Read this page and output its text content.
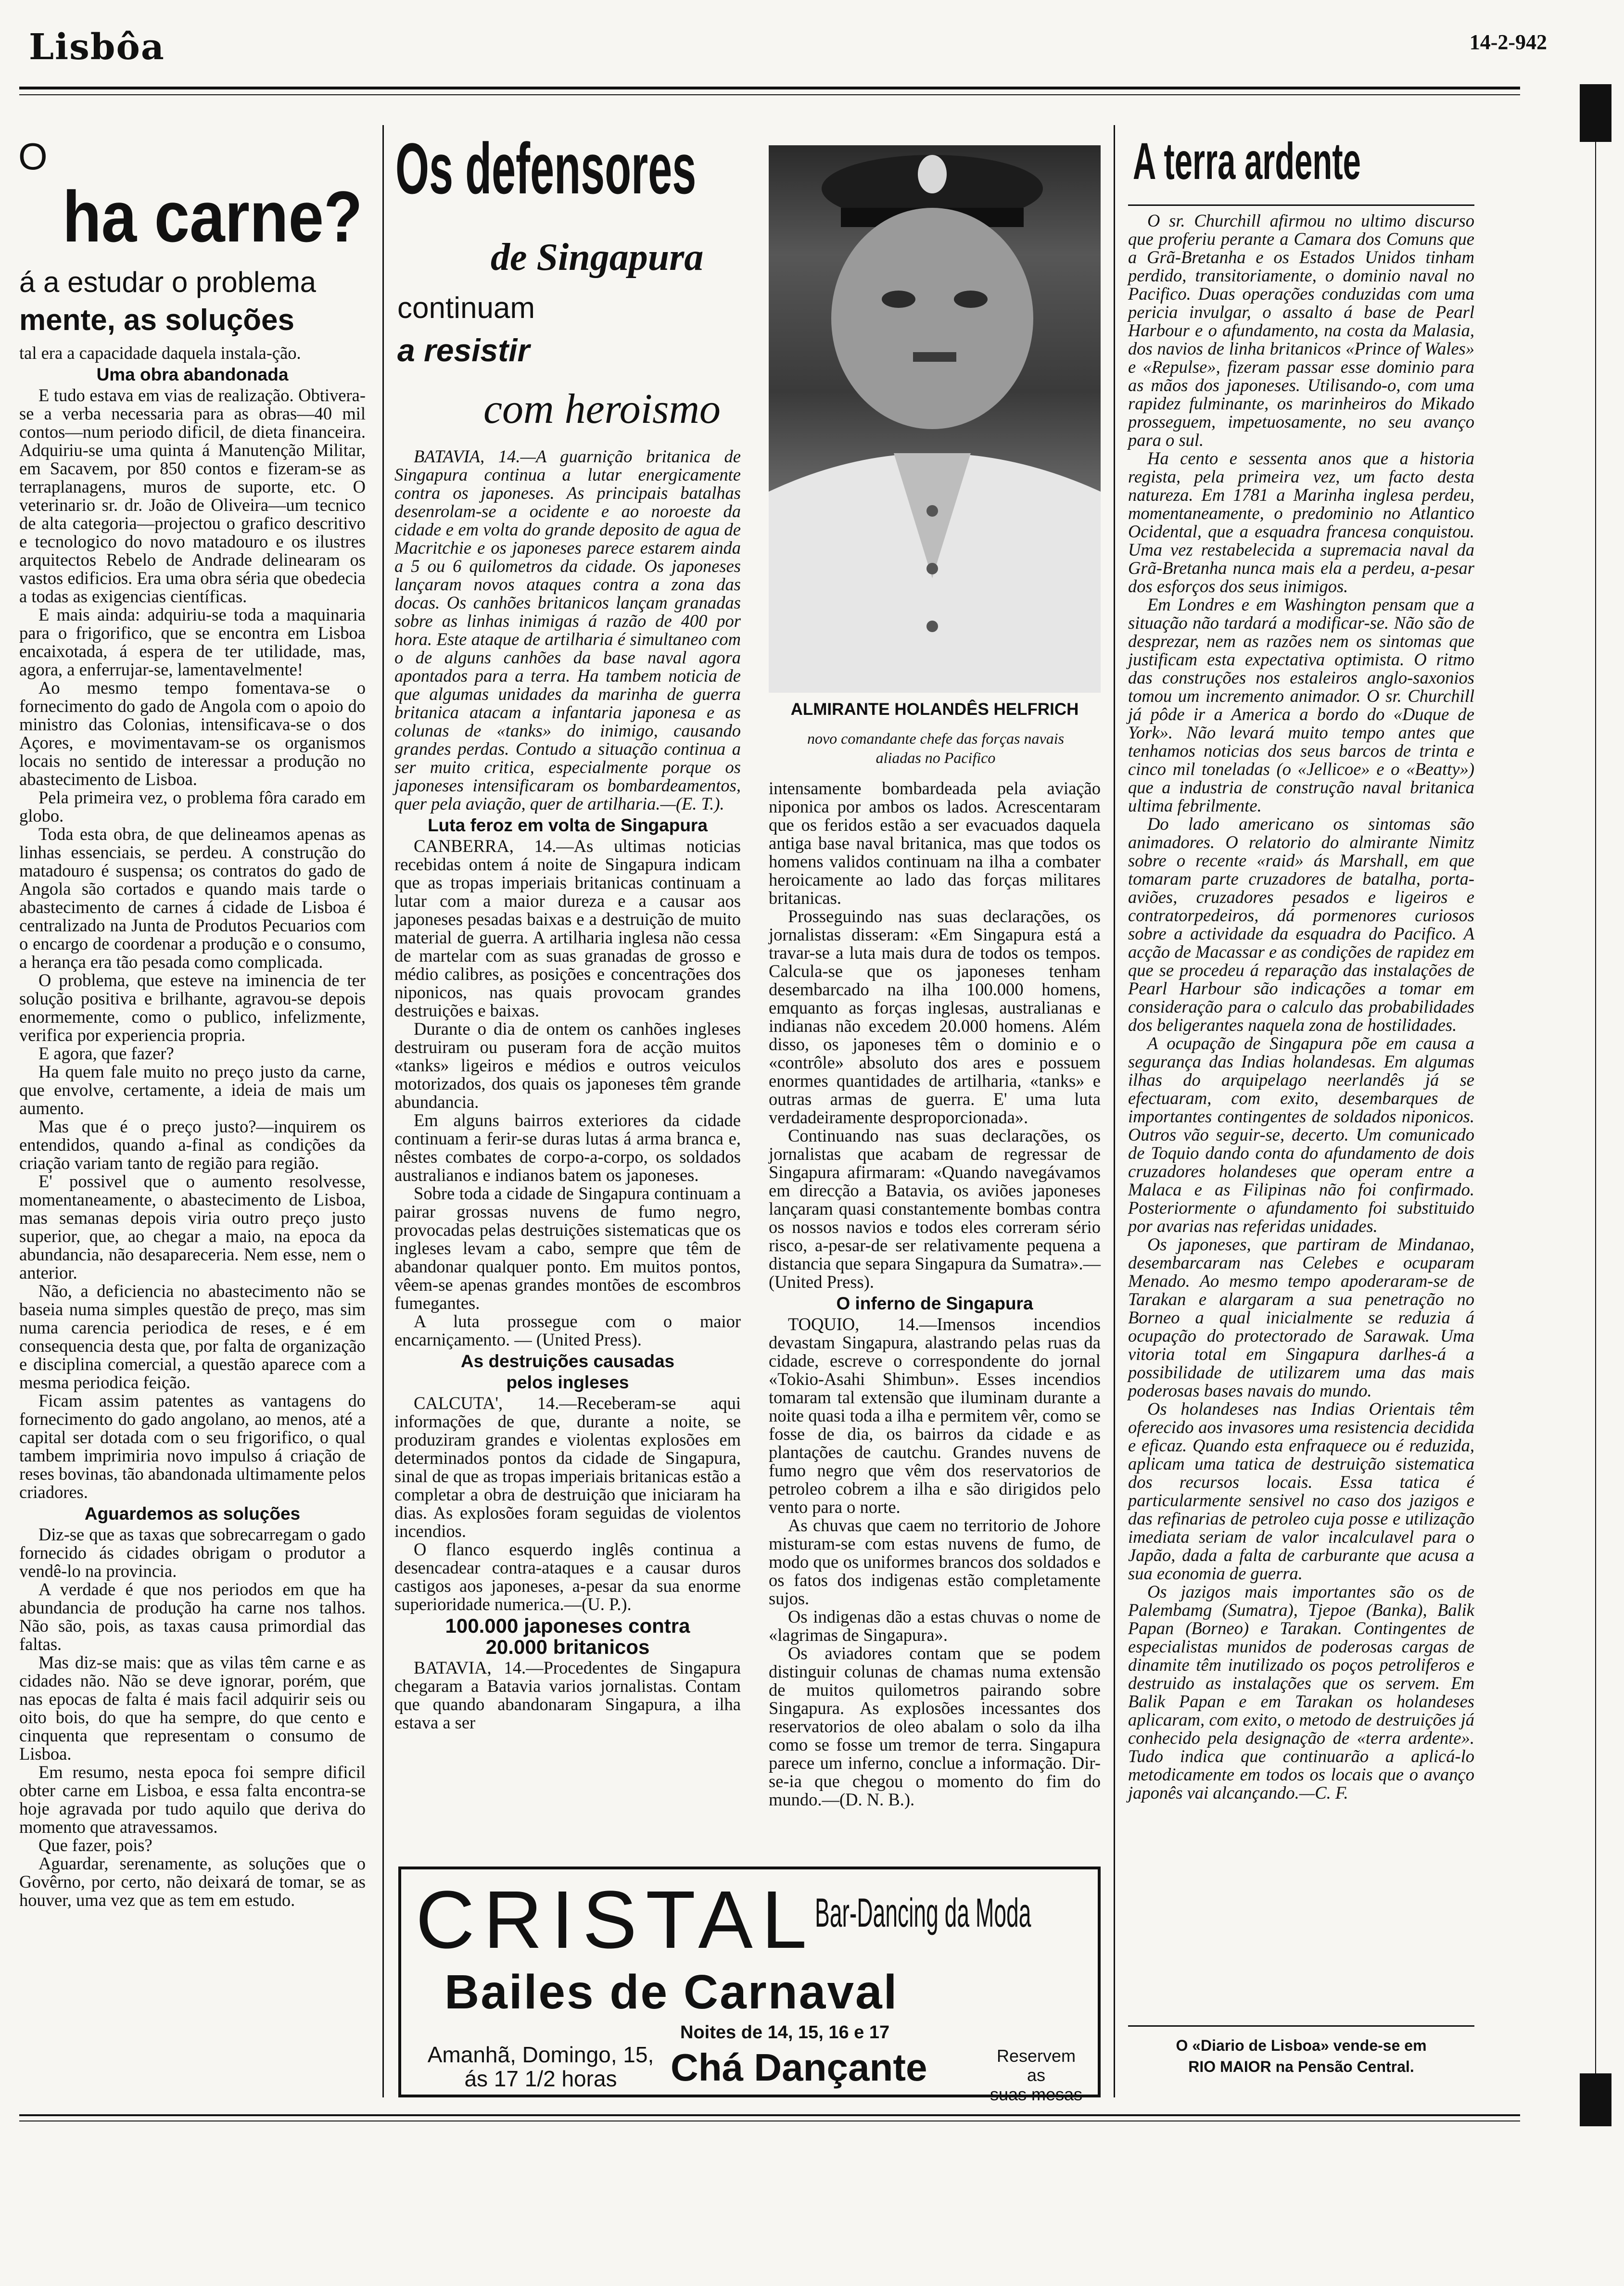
Lisbôa	14-2-942
O
ha carne?
á a estudar o problema
mente, as soluções

tal era a capacidade daquela instala-ção.

Uma obra abandonada

E tudo estava em vias de realização. Obtivera-se a verba necessaria para as obras—40 mil contos—num periodo dificil, de dieta financeira. Adquiriu-se uma quinta á Manutenção Militar, em Sacavem, por 850 contos e fizeram-se as terraplanagens, muros de suporte, etc. O veterinario sr. dr. João de Oliveira—um tecnico de alta categoria—projectou o grafico descritivo e tecnologico do novo matadouro e os ilustres arquitectos Rebelo de Andrade delinearam os vastos edificios. Era uma obra séria que obedecia a todas as exigencias científicas.

E mais ainda: adquiriu-se toda a maquinaria para o frigorifico, que se encontra em Lisboa encaixotada, á espera de ter utilidade, mas, agora, a enferrujar-se, lamentavelmente!

Ao mesmo tempo fomentava-se o fornecimento do gado de Angola com o apoio do ministro das Colonias, intensificava-se o dos Açores, e movimentavam-se os organismos locais no sentido de interessar a produção no abastecimento de Lisboa.

Pela primeira vez, o problema fôra carado em globo.

Toda esta obra, de que delineamos apenas as linhas essenciais, se perdeu. A construção do matadouro é suspensa; os contratos do gado de Angola são cortados e quando mais tarde o abastecimento de carnes á cidade de Lisboa é centralizado na Junta de Produtos Pecuarios com o encargo de coordenar a produção e o consumo, a herança era tão pesada como complicada.

O problema, que esteve na iminencia de ter solução positiva e brilhante, agravou-se depois enormemente, como o publico, infelizmente, verifica por experiencia propria.

E agora, que fazer?

Ha quem fale muito no preço justo da carne, que envolve, certamente, a ideia de mais um aumento.

Mas que é o preço justo?—inquirem os entendidos, quando a-final as condições da criação variam tanto de região para região.

E' possivel que o aumento resolvesse, momentaneamente, o abastecimento de Lisboa, mas semanas depois viria outro preço justo superior, que, ao chegar a maio, na epoca da abundancia, não desapareceria. Nem esse, nem o anterior.

Não, a deficiencia no abastecimento não se baseia numa simples questão de preço, mas sim numa carencia periodica de reses, e é em consequencia desta que, por falta de organização e disciplina comercial, a questão aparece com a mesma periodica feição.

Ficam assim patentes as vantagens do fornecimento do gado angolano, ao menos, até a capital ser dotada com o seu frigorifico, o qual tambem imprimiria novo impulso á criação de reses bovinas, tão abandonada ultimamente pelos criadores.

Aguardemos as soluções

Diz-se que as taxas que sobrecarregam o gado fornecido ás cidades obrigam o produtor a vendê-lo na provincia.

A verdade é que nos periodos em que ha abundancia de produção ha carne nos talhos. Não são, pois, as taxas causa primordial das faltas.

Mas diz-se mais: que as vilas têm carne e as cidades não. Não se deve ignorar, porém, que nas epocas de falta é mais facil adquirir seis ou oito bois, do que ha sempre, do que cento e cinquenta que representam o consumo de Lisboa.

Em resumo, nesta epoca foi sempre dificil obter carne em Lisboa, e essa falta encontra-se hoje agravada por tudo aquilo que deriva do momento que atravessamos.

Que fazer, pois?

Aguardar, serenamente, as soluções que o Govêrno, por certo, não deixará de tomar, se as houver, uma vez que as tem em estudo.

Os defensores
de Singapura
continuam
a resistir
com heroismo

BATAVIA, 14.—A guarnição britanica de Singapura continua a lutar energicamente contra os japoneses. As principais batalhas desenrolam-se a ocidente e ao noroeste da cidade e em volta do grande deposito de agua de Macritchie e os japoneses parece estarem ainda a 5 ou 6 quilometros da cidade. Os japoneses lançaram novos ataques contra a zona das docas. Os canhões britanicos lançam granadas sobre as linhas inimigas á razão de 400 por hora. Este ataque de artilharia é simultaneo com o de alguns canhões da base naval agora apontados para a terra. Ha tambem noticia de que algumas unidades da marinha de guerra britanica atacam a infantaria japonesa e as colunas de «tanks» do inimigo, causando grandes perdas. Contudo a situação continua a ser muito critica, especialmente porque os japoneses intensificaram os bombardeamentos, quer pela aviação, quer de artilharia.—(E. T.).

Luta feroz em volta de Singapura

CANBERRA, 14.—As ultimas noticias recebidas ontem á noite de Singapura indicam que as tropas imperiais britanicas continuam a lutar com a maior dureza e a causar aos japoneses pesadas baixas e a destruição de muito material de guerra. A artilharia inglesa não cessa de martelar com as suas granadas de grosso e médio calibres, as posições e concentrações dos niponicos, nas quais provocam grandes destruições e baixas.

Durante o dia de ontem os canhões ingleses destruiram ou puseram fora de acção muitos «tanks» ligeiros e médios e outros veiculos motorizados, dos quais os japoneses têm grande abundancia.

Em alguns bairros exteriores da cidade continuam a ferir-se duras lutas á arma branca e, nêstes combates de corpo-a-corpo, os soldados australianos e indianos batem os japoneses.

Sobre toda a cidade de Singapura continuam a pairar grossas nuvens de fumo negro, provocadas pelas destruições sistematicas que os ingleses levam a cabo, sempre que têm de abandonar qualquer ponto. Em muitos pontos, vêem-se apenas grandes montões de escombros fumegantes.

A luta prossegue com o maior encarniçamento. — (United Press).

As destruições causadas
pelos ingleses

CALCUTA', 14.—Receberam-se aqui informações de que, durante a noite, se produziram grandes e violentas explosões em determinados pontos da cidade de Singapura, sinal de que as tropas imperiais britanicas estão a completar a obra de destruição que iniciaram ha dias. As explosões foram seguidas de violentos incendios.

O flanco esquerdo inglês continua a desencadear contra-ataques e a causar duros castigos aos japoneses, a-pesar da sua enorme superioridade numerica.—(U. P.).

100.000 japoneses contra
20.000 britanicos

BATAVIA, 14.—Procedentes de Singapura chegaram a Batavia varios jornalistas. Contam que quando abandonaram Singapura, a ilha estava a ser

ALMIRANTE HOLANDÊS HELFRICH
novo comandante chefe das forças navais aliadas no Pacifico

intensamente bombardeada pela aviação niponica por ambos os lados. Acrescentaram que os feridos estão a ser evacuados daquela antiga base naval britanica, mas que todos os homens validos continuam na ilha a combater heroicamente ao lado das forças militares britanicas.

Prosseguindo nas suas declarações, os jornalistas disseram: «Em Singapura está a travar-se a luta mais dura de todos os tempos. Calcula-se que os japoneses tenham desembarcado na ilha 100.000 homens, emquanto as forças inglesas, australianas e indianas não excedem 20.000 homens. Além disso, os japoneses têm o dominio e o «contrôle» absoluto dos ares e possuem enormes quantidades de artilharia, «tanks» e outras armas de guerra. E' uma luta verdadeiramente desproporcionada».

Continuando nas suas declarações, os jornalistas que acabam de regressar de Singapura afirmaram: «Quando navegávamos em direcção a Batavia, os aviões japoneses lançaram quasi constantemente bombas contra os nossos navios e todos eles correram sério risco, a-pesar-de ser relativamente pequena a distancia que separa Singapura da Sumatra».—(United Press).

O inferno de Singapura

TOQUIO, 14.—Imensos incendios devastam Singapura, alastrando pelas ruas da cidade, escreve o correspondente do jornal «Tokio-Asahi Shimbun». Esses incendios tomaram tal extensão que iluminam durante a noite quasi toda a ilha e permitem vêr, como se fosse de dia, os bairros da cidade e as plantações de cautchu. Grandes nuvens de fumo negro que vêm dos reservatorios de petroleo cobrem a ilha e são dirigidos pelo vento para o norte.

As chuvas que caem no territorio de Johore misturam-se com estas nuvens de fumo, de modo que os uniformes brancos dos soldados e os fatos dos indigenas estão completamente sujos.

Os indigenas dão a estas chuvas o nome de «lagrimas de Singapura».

Os aviadores contam que se podem distinguir colunas de chamas numa extensão de muitos quilometros pairando sobre Singapura. As explosões incessantes dos reservatorios de oleo abalam o solo da ilha como se fosse um tremor de terra. Singapura parece um inferno, conclue a informação. Dir-se-ia que chegou o momento do fim do mundo.—(D. N. B.).

A terra ardente

O sr. Churchill afirmou no ultimo discurso que proferiu perante a Camara dos Comuns que a Grã-Bretanha e os Estados Unidos tinham perdido, transitoriamente, o dominio naval no Pacifico. Duas operações conduzidas com uma pericia invulgar, o assalto á base de Pearl Harbour e o afundamento, na costa da Malasia, dos navios de linha britanicos «Prince of Wales» e «Repulse», fizeram passar esse dominio para as mãos dos japoneses. Utilisando-o, com uma rapidez fulminante, os marinheiros do Mikado prosseguem, impetuosamente, no seu avanço para o sul.

Ha cento e sessenta anos que a historia regista, pela primeira vez, um facto desta natureza. Em 1781 a Marinha inglesa perdeu, momentaneamente, o predominio no Atlantico Ocidental, que a esquadra francesa conquistou. Uma vez restabelecida a supremacia naval da Grã-Bretanha nunca mais ela a perdeu, a-pesar dos esforços dos seus inimigos.

Em Londres e em Washington pensam que a situação não tardará a modificar-se. Não são de desprezar, nem as razões nem os sintomas que justificam esta expectativa optimista. O ritmo das construções nos estaleiros anglo-saxonios tomou um incremento animador. O sr. Churchill já pôde ir a America a bordo do «Duque de York». Não levará muito tempo antes que tenhamos noticias dos seus barcos de trinta e cinco mil toneladas (o «Jellicoe» e o «Beatty») que a industria de construção naval britanica ultima febrilmente.

Do lado americano os sintomas são animadores. O relatorio do almirante Nimitz sobre o recente «raid» ás Marshall, em que tomaram parte cruzadores de batalha, porta-aviões, cruzadores pesados e ligeiros e contratorpedeiros, dá pormenores curiosos sobre a actividade da esquadra do Pacifico. A acção de Macassar e as condições de rapidez em que se procedeu á reparação das instalações de Pearl Harbour são indicações a tomar em consideração para o calculo das probabilidades dos beligerantes naquela zona de hostilidades.

A ocupação de Singapura põe em causa a segurança das Indias holandesas. Em algumas ilhas do arquipelago neerlandês já se efectuaram, com exito, desembarques de importantes contingentes de soldados niponicos. Outros vão seguir-se, decerto. Um comunicado de Toquio dando conta do afundamento de dois cruzadores holandeses que operam entre a Malaca e as Filipinas não foi confirmado. Posteriormente o afundamento foi substituido por avarias nas referidas unidades.

Os japoneses, que partiram de Mindanao, desembarcaram nas Celebes e ocuparam Menado. Ao mesmo tempo apoderaram-se de Tarakan e alargaram a sua penetração no Borneo a qual inicialmente se reduzia á ocupação do protectorado de Sarawak. Uma vitoria total em Singapura darlhes-á a possibilidade de utilizarem uma das mais poderosas bases navais do mundo.

Os holandeses nas Indias Orientais têm oferecido aos invasores uma resistencia decidida e eficaz. Quando esta enfraquece ou é reduzida, aplicam uma tatica de destruição sistematica dos recursos locais. Essa tatica é particularmente sensivel no caso dos jazigos e das refinarias de petroleo cuja posse e utilização imediata seriam de valor incalculavel para o Japão, dada a falta de carburante que acusa a sua economia de guerra.

Os jazigos mais importantes são os de Palembamg (Sumatra), Tjepoe (Banka), Balik Papan (Borneo) e Tarakan. Contingentes de especialistas munidos de poderosas cargas de dinamite têm inutilizado os poços petroliferos e destruido as instalações que os servem. Em Balik Papan e em Tarakan os holandeses aplicaram, com exito, o metodo de destruições já conhecido pela designação de «terra ardente». Tudo indica que continuarão a aplicá-lo metodicamente em todos os locais que o avanço japonês vai alcançando.—C. F.

O «Diario de Lisboa» vende-se em
RIO MAIOR na Pensão Central.
CRISTAL
Bar-Dancing da Moda
Bailes de Carnaval
Noites de 14, 15, 16 e 17
Amanhã, Domingo, 15,
ás 17 1/2 horas	Chá Dançante	Reservem as
suas mesas
